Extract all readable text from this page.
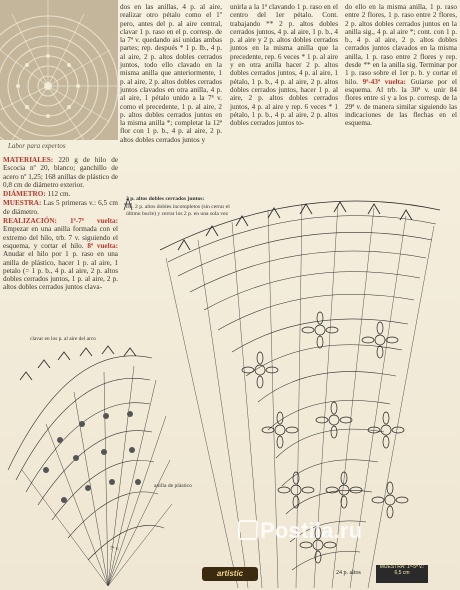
Labor para expertos
dos en las anillas, 4 p. al aire, realizar otro pétalo como el 1º pero, antes del p. al aire central, clavar 1 p. raso en el p. corresp. de la 7ª v. quedando así unidas ambas partes; rep. después * 1 p. lb., 4 p. al aire, 2 p. altos dobles cerrados juntos, todo ello clavado en la misma anilla que anteriormente, 1 p. al aire, 2 p. altos dobles cerrados juntos clavados en otra anilla, 4 p. al aire, 1 pétalo unido a la 7ª v. como el precedente, 1 p. al aire, 2 p. altos dobles cerrados juntos en la misma anilla *; completar la 12ª flor con 1 p. b., 4 p. al aire, 2 p. altos dobles cerrados juntos y
unirla a la 1ª clavando 1 p. raso en el centro del 1er pétalo. Cont. trabajando ** 2 p. altos dobles cerrados juntos, 4 p. al aire, 1 p. b., 4 p. al aire y 2 p. altos dobles cerrados juntos en la misma anilla que la precedente, rep. 6 veces * 1 p. al aire y en otra anilla hacer 2 p. altos dobles cerrados juntos, 4 p. al aire, 1 pétalo, 1 p. b., 4 p. al aire, 2 p. altos dobles cerrados juntos, hacer 1 p. al aire, 2 p. altos dobles cerrados juntos, 4 p. al aire y rep. 6 veces * 1 pétalo, 1 p. b., 4 p. al aire, 2 p. altos dobles cerrados juntos to-
do ello en la misma anilla, 1 p. raso entre 2 flores, 1 p. raso entre 2 flores, 2 p. altos dobles cerrados juntos en la anilla sig., 4 p. al aire *; cont. con 1 p. b., 4 p. al aire, 2 p. altos dobles cerrados juntos clavados en la misma anilla, 1 p. raso entre 2 flores y rep. desde ** en la anilla sig. Terminar por 1 p. raso sobre el 1er p. b. y cortar el hilo. 9ª-43ª vuelta: Guiarse por el esquema. Al trb. la 30ª v. unir 84 flores entre sí y a los p. corresp. de la 29ª v. de manera similar siguiendo las indicaciones de las flechas en el esquema.
MATERIALES: 220 g de hilo de Escocia nº 20, blanco; ganchillo de acero nº 1,25; 168 anillas de plástico de 0,8 cm de diámetro exterior.
DIÁMETRO: 112 cm.
MUESTRA: Las 5 primeras v.: 6,5 cm de diámetro.
REALIZACIÓN: 1ª-7ª vuelta: Empezar en una anilla formada con el extremo del hilo, trb. 7 v. siguiendo el esquema, y cortar el hilo. 8ª vuelta: Anudar el hilo por 1 p. raso en una anilla de plástico, hacer 1 p. al aire, 1 petalo (= 1 p. b., 4 p. al aire, 2 p. altos dobles cerrados juntos, 1 p. al aire, 2 p. altos dobles cerrados juntos clava-
2 p. altos dobles cerrados juntos:
trb. 2 p. altos dobles incompletos (sin cerrar el último bucle) y cerrar los 2 p. en una sola vez
clavar en los p. al aire del arco
anilla de plástico
7ª v.
24 p. altos
artistic
MUESTRA: 1ª-5ª v.: 6,5 cm
Postila.ru
